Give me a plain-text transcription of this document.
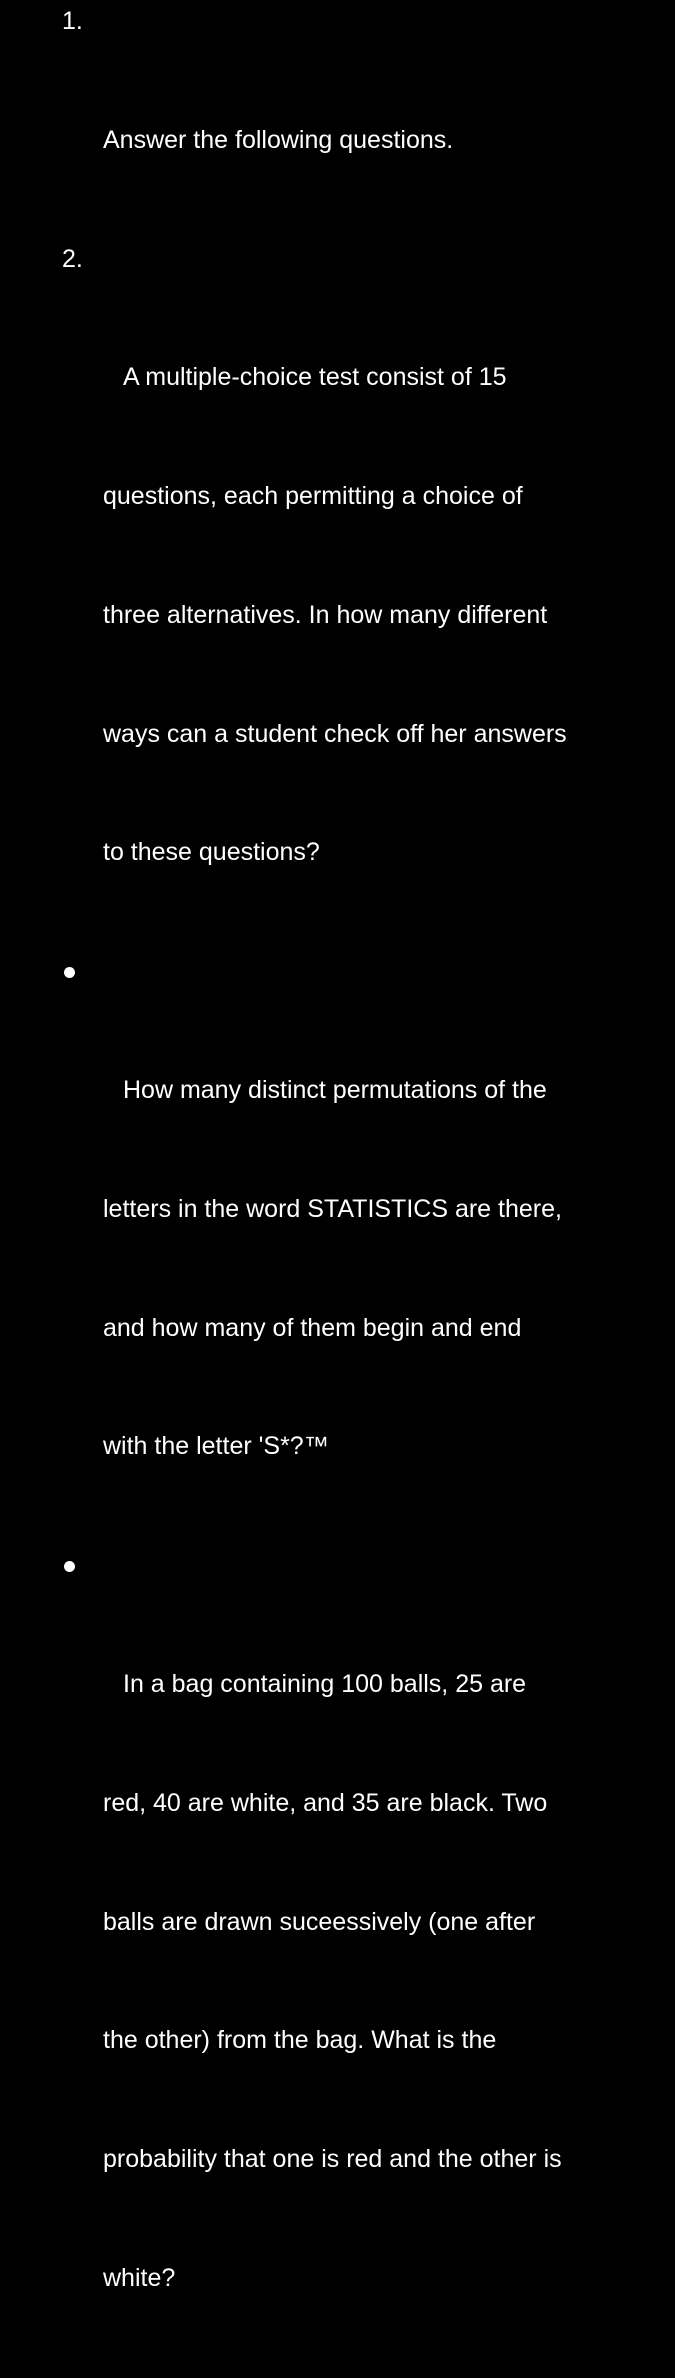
1.

Answer the following questions.

2.

A multiple-choice test consist of 15

questions, each permitting a choice of

three alternatives. In how many different

ways can a student check off her answers

to these questions?

How many distinct permutations of the

letters in the word STATISTICS are there,

and how many of them begin and end

with the letter 'S*?™

In a bag containing 100 balls, 25 are

red, 40 are white, and 35 are black. Two

balls are drawn suceessively (one after

the other) from the bag. What is the

probability that one is red and the other is

white?
